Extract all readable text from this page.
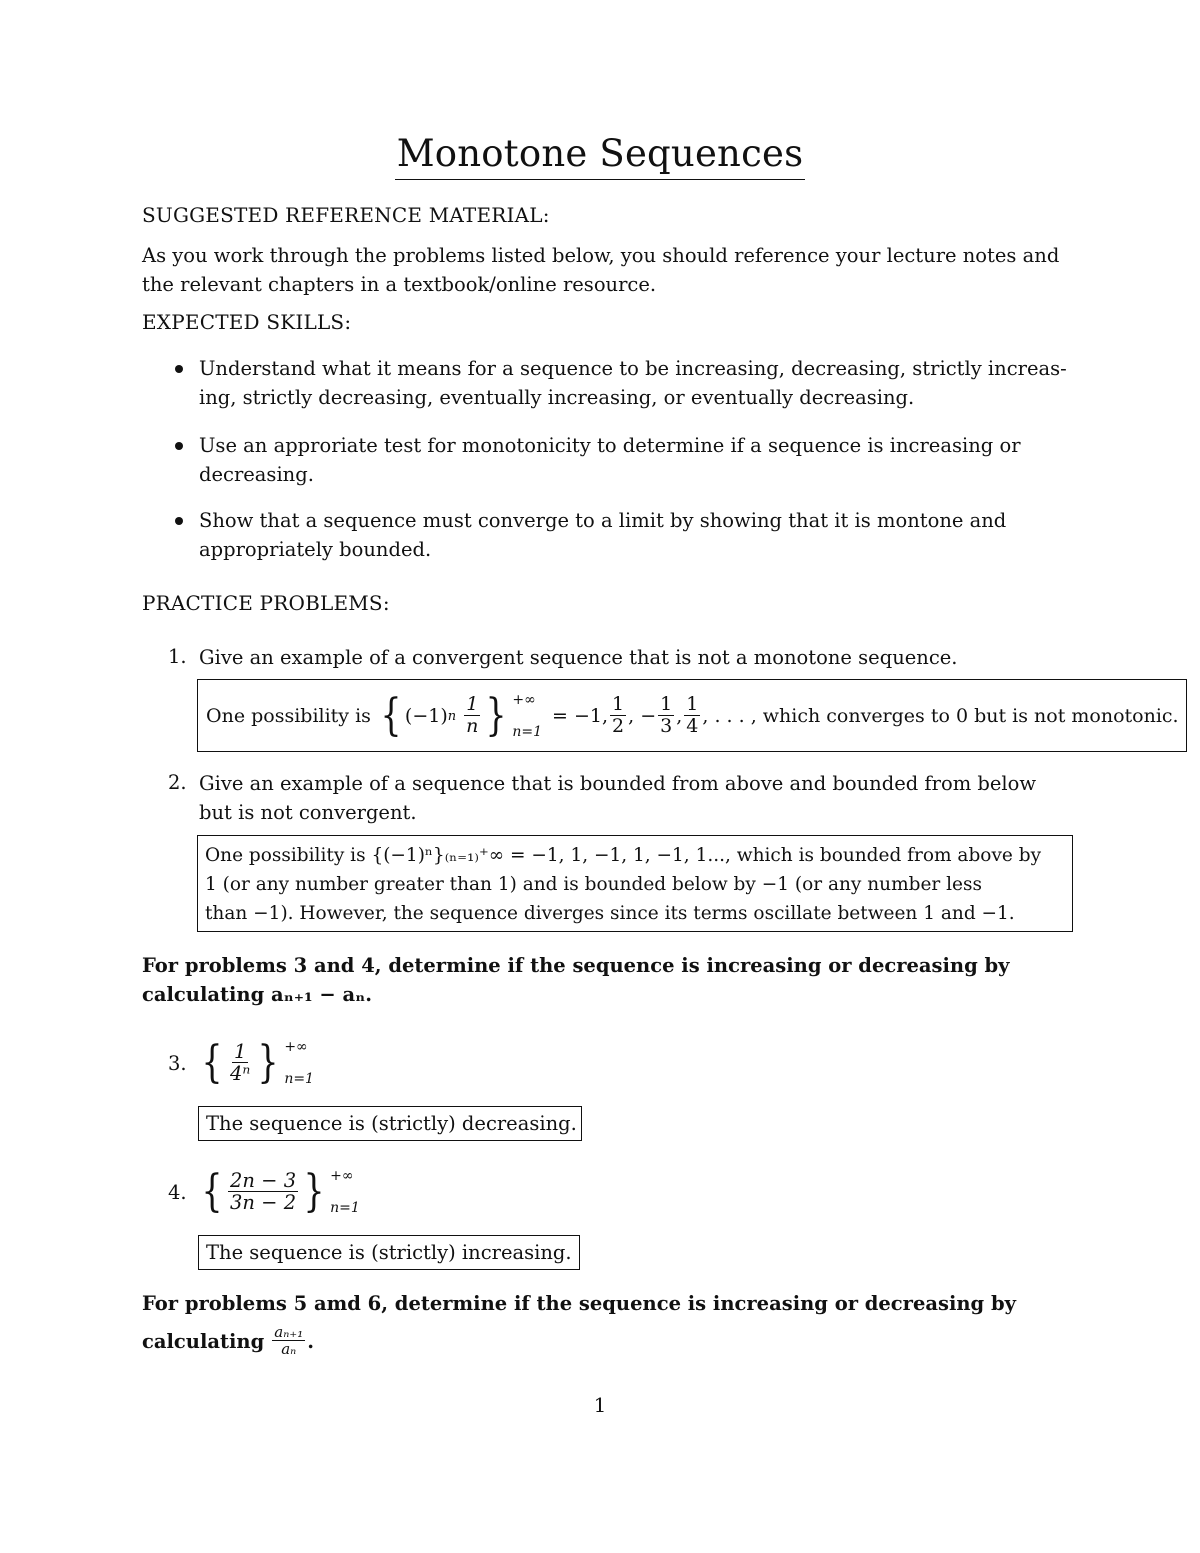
Monotone Sequences
SUGGESTED REFERENCE MATERIAL:
As you work through the problems listed below, you should reference your lecture notes and
the relevant chapters in a textbook/online resource.
EXPECTED SKILLS:
Understand what it means for a sequence to be increasing, decreasing, strictly increas-
ing, strictly decreasing, eventually increasing, or eventually decreasing.
Use an approriate test for monotonicity to determine if a sequence is increasing or
decreasing.
Show that a sequence must converge to a limit by showing that it is montone and
appropriately bounded.
PRACTICE PROBLEMS:
1. Give an example of a convergent sequence that is not a monotone sequence.
One possibility is { (−1) n $\frac{1}{n}$ } +∞
n=1
= −1, $\frac{1}{2}$ , − $\frac{1}{3}$ , $\frac{1}{4}$ , . . . , which converges to 0 but is not monotonic.
2. Give an example of a sequence that is bounded from above and bounded from below
but is not convergent.
One possibility is {(−1)ⁿ}₍ₙ₌₁₎⁺∞ = −1, 1, −1, 1, −1, 1..., which is bounded from above by
1 (or any number greater than 1) and is bounded below by −1 (or any number less
than −1). However, the sequence diverges since its terms oscillate between 1 and −1.
For problems 3 and 4, determine if the sequence is increasing or decreasing by
calculating aₙ₊₁ − aₙ.
3. { $\frac{1}{\text{4ⁿ}}$ } +∞
n=1
The sequence is (strictly) decreasing.
4. { $\frac{2n - 3}{3n - 2}$ } +∞
n=1
The sequence is (strictly) increasing.
For problems 5 amd 6, determine if the sequence is increasing or decreasing by
calculating $\frac{\text{aₙ₊₁}}{\text{aₙ}}$ .
1
